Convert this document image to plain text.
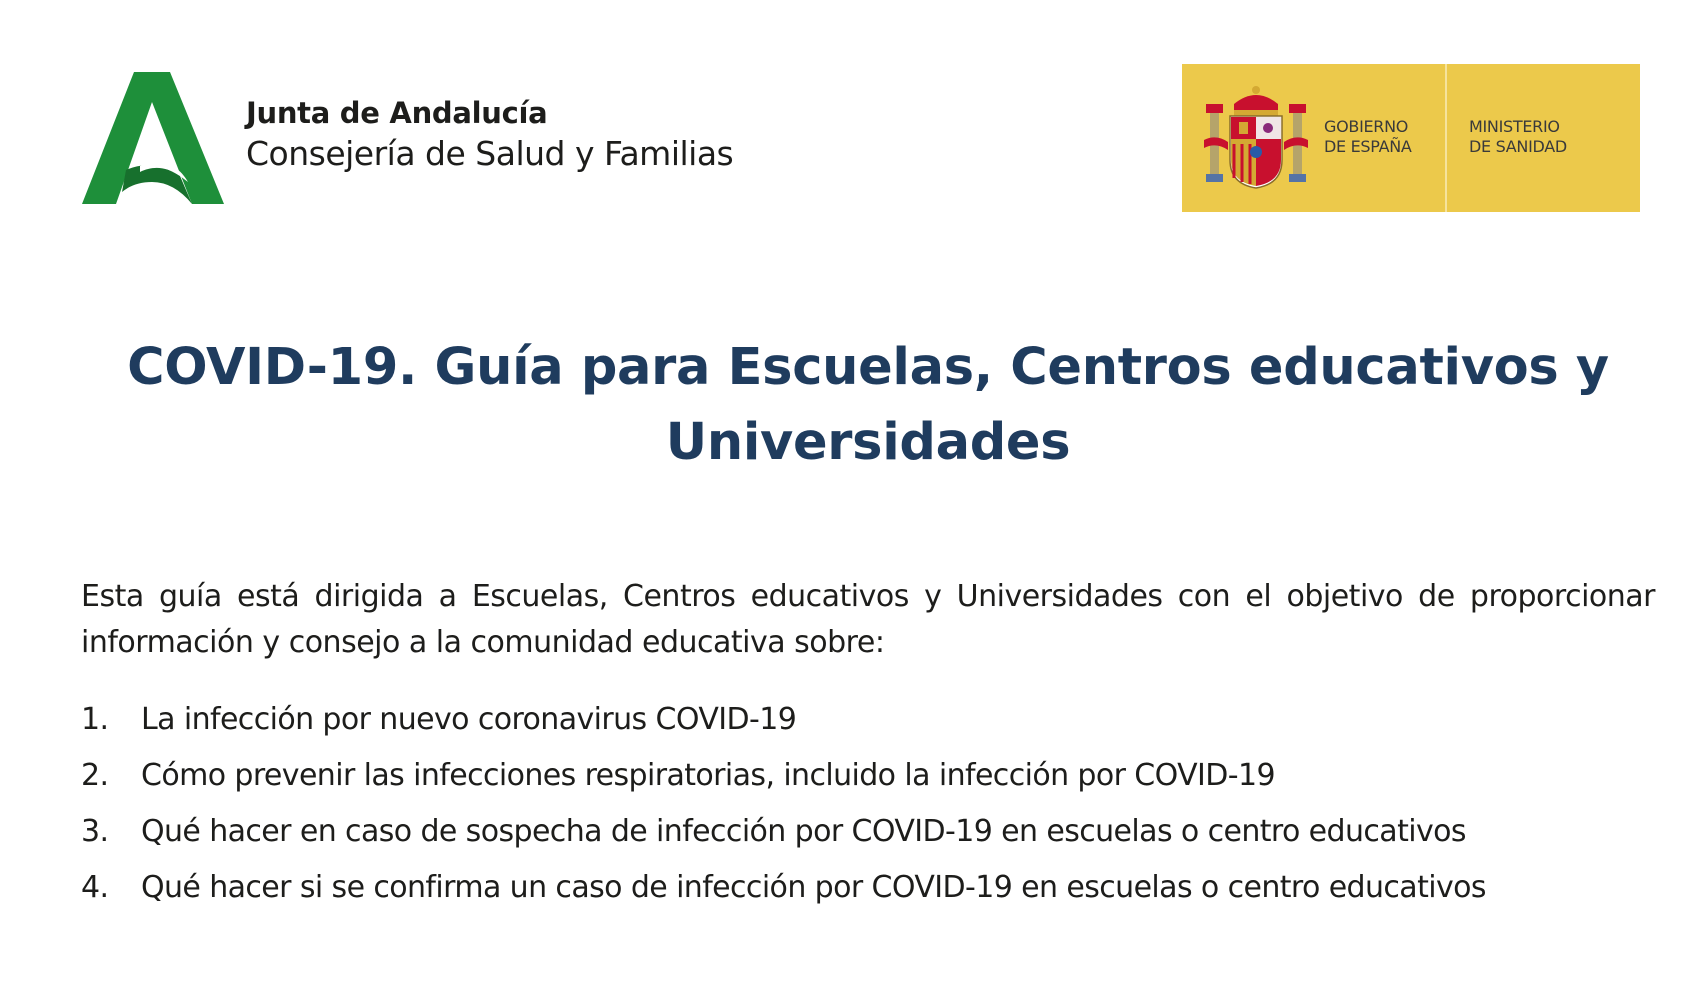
Junta de Andalucía
Consejería de Salud y Familias
GOBIERNO
DE ESPAÑA
MINISTERIO
DE SANIDAD
COVID-19. Guía para Escuelas, Centros educativos y
Universidades

Esta guía está dirigida a Escuelas, Centros educativos y Universidades con el objetivo de proporcionar información y consejo a la comunidad educativa sobre:

1.	La infección por nuevo coronavirus COVID-19
2.	Cómo prevenir las infecciones respiratorias, incluido la infección por COVID-19
3.	Qué hacer en caso de sospecha de infección por COVID-19 en escuelas o centro educativos
4.	Qué hacer si se confirma un caso de infección por COVID-19 en escuelas o centro educativos
